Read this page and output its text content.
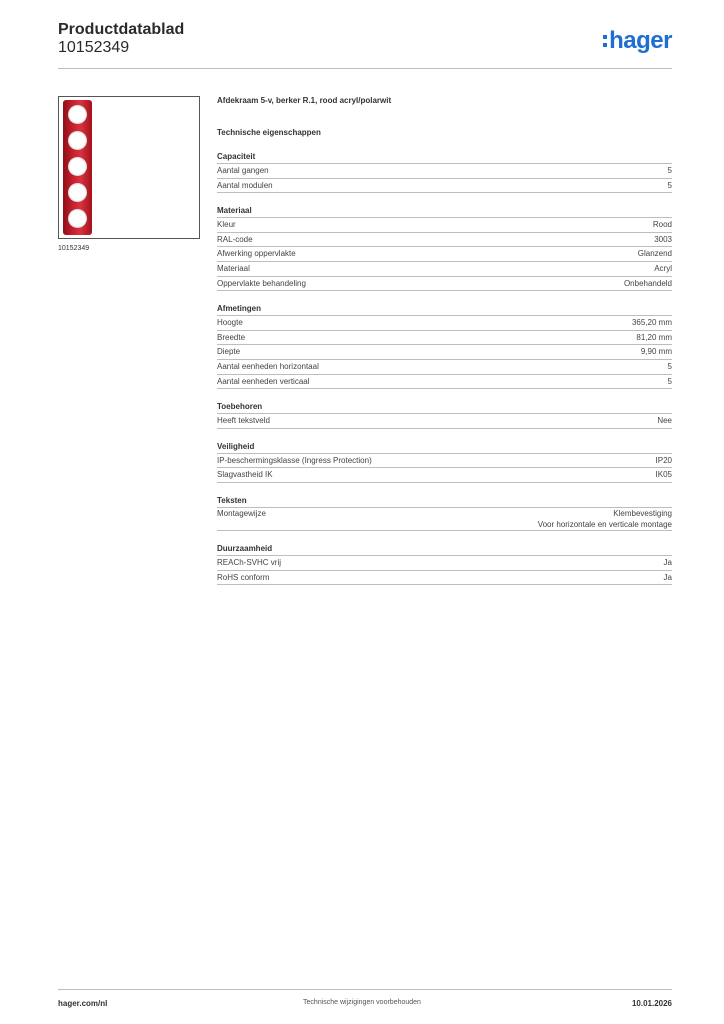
Productdatablad
10152349	hager
10152349
Afdekraam 5-v, berker R.1, rood acryl/polarwit
Technische eigenschappen
Capaciteit
Aantal gangen	5
Aantal modulen	5
Materiaal
Kleur	Rood
RAL-code	3003
Afwerking oppervlakte	Glanzend
Materiaal	Acryl
Oppervlakte behandeling	Onbehandeld
Afmetingen
Hoogte	365,20 mm
Breedte	81,20 mm
Diepte	9,90 mm
Aantal eenheden horizontaal	5
Aantal eenheden verticaal	5
Toebehoren
Heeft tekstveld	Nee
Veiligheid
IP-beschermingsklasse (Ingress Protection)	IP20
Slagvastheid IK	IK05
Teksten
Montagewijze	Klembevestiging
Voor horizontale en verticale montage
Duurzaamheid
REACh-SVHC vrij	Ja
RoHS conform	Ja
hager.com/nl	Technische wijzigingen voorbehouden	10.01.2026
